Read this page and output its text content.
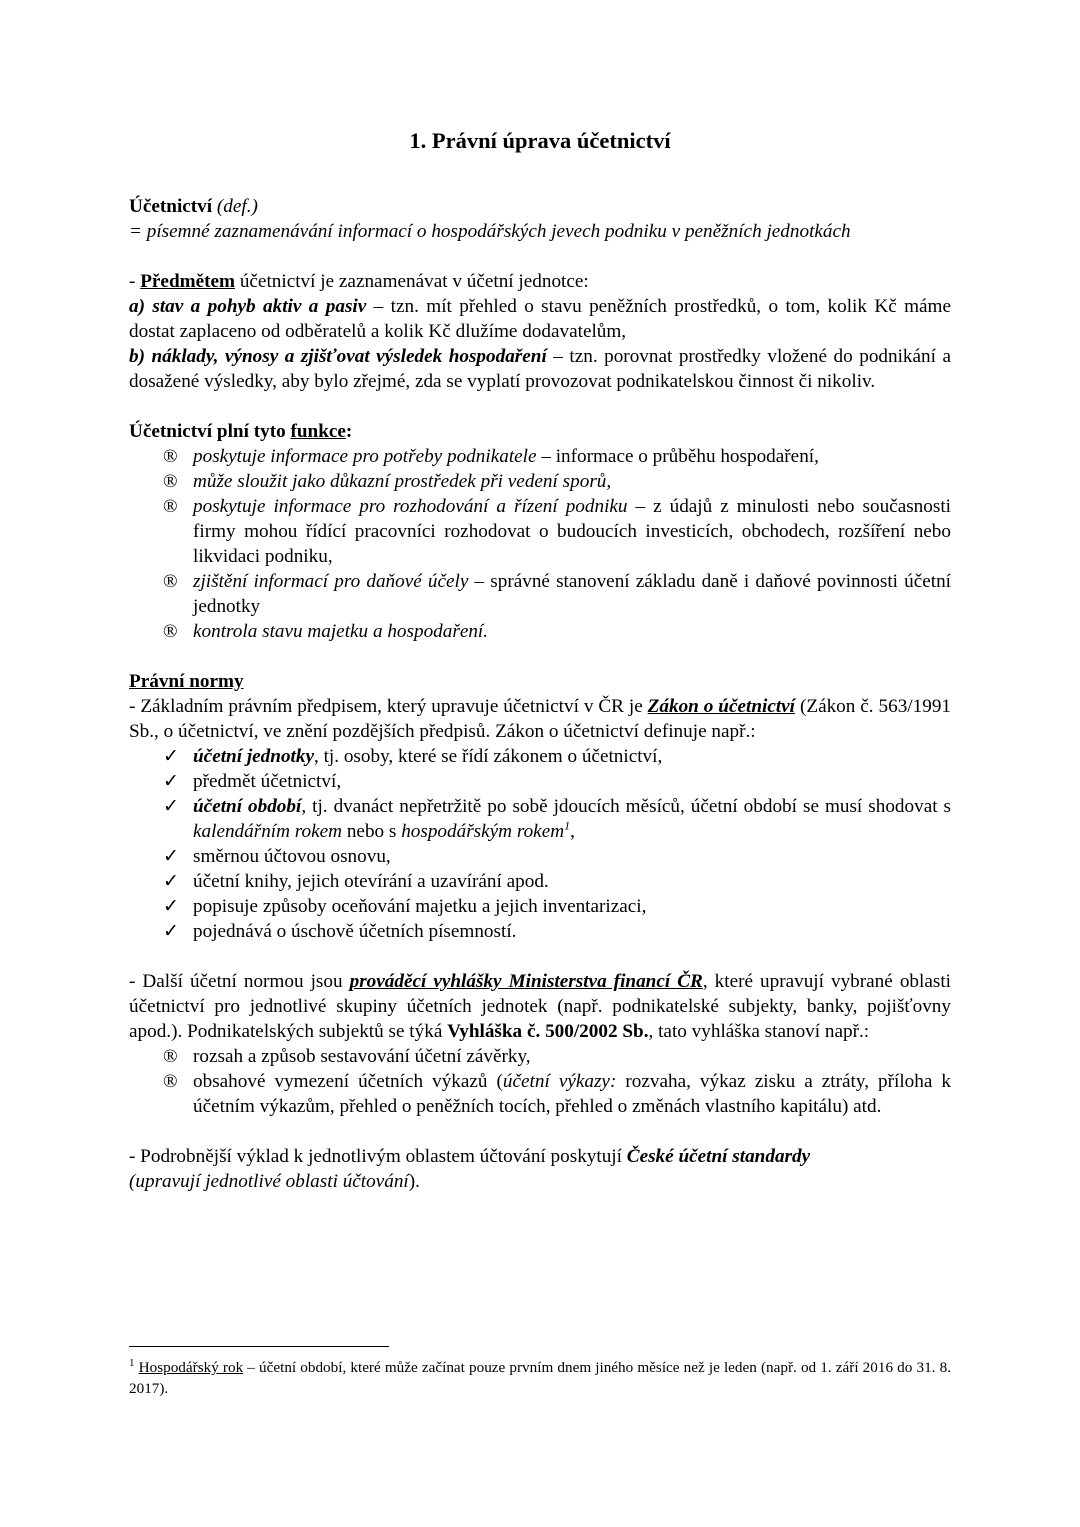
1. Právní úprava účetnictví

Účetnictví (def.)

= písemné zaznamenávání informací o hospodářských jevech podniku v peněžních jednotkách

- Předmětem účetnictví je zaznamenávat v účetní jednotce:

a) stav a pohyb aktiv a pasiv – tzn. mít přehled o stavu peněžních prostředků, o tom, kolik Kč máme dostat zaplaceno od odběratelů a kolik Kč dlužíme dodavatelům,

b) náklady, výnosy a zjišťovat výsledek hospodaření – tzn. porovnat prostředky vložené do podnikání a dosažené výsledky, aby bylo zřejmé, zda se vyplatí provozovat podnikatelskou činnost či nikoliv.

Účetnictví plní tyto funkce:

® poskytuje informace pro potřeby podnikatele – informace o průběhu hospodaření,
® může sloužit jako důkazní prostředek při vedení sporů,
® poskytuje informace pro rozhodování a řízení podniku – z údajů z minulosti nebo současnosti firmy mohou řídící pracovníci rozhodovat o budoucích investicích, obchodech, rozšíření nebo likvidaci podniku,
® zjištění informací pro daňové účely – správné stanovení základu daně i daňové povinnosti účetní jednotky
® kontrola stavu majetku a hospodaření.

Právní normy

- Základním právním předpisem, který upravuje účetnictví v ČR je Zákon o účetnictví (Zákon č. 563/1991 Sb., o účetnictví, ve znění pozdějších předpisů. Zákon o účetnictví definuje např.:

✓ účetní jednotky, tj. osoby, které se řídí zákonem o účetnictví,
✓ předmět účetnictví,
✓ účetní období, tj. dvanáct nepřetržitě po sobě jdoucích měsíců, účetní období se musí shodovat s kalendářním rokem nebo s hospodářským rokem$^1$,
✓ směrnou účtovou osnovu,
✓ účetní knihy, jejich otevírání a uzavírání apod.
✓ popisuje způsoby oceňování majetku a jejich inventarizaci,
✓ pojednává o úschově účetních písemností.

- Další účetní normou jsou prováděcí vyhlášky Ministerstva financí ČR, které upravují vybrané oblasti účetnictví pro jednotlivé skupiny účetních jednotek (např. podnikatelské subjekty, banky, pojišťovny apod.). Podnikatelských subjektů se týká Vyhláška č. 500/2002 Sb., tato vyhláška stanoví např.:

® rozsah a způsob sestavování účetní závěrky,
® obsahové vymezení účetních výkazů (účetní výkazy: rozvaha, výkaz zisku a ztráty, příloha k účetním výkazům, přehled o peněžních tocích, přehled o změnách vlastního kapitálu) atd.

- Podrobnější výklad k jednotlivým oblastem účtování poskytují České účetní standardy
(upravují jednotlivé oblasti účtování).

$^1$ Hospodářský rok – účetní období, které může začínat pouze prvním dnem jiného měsíce než je leden (např. od 1. září 2016 do 31. 8. 2017).
